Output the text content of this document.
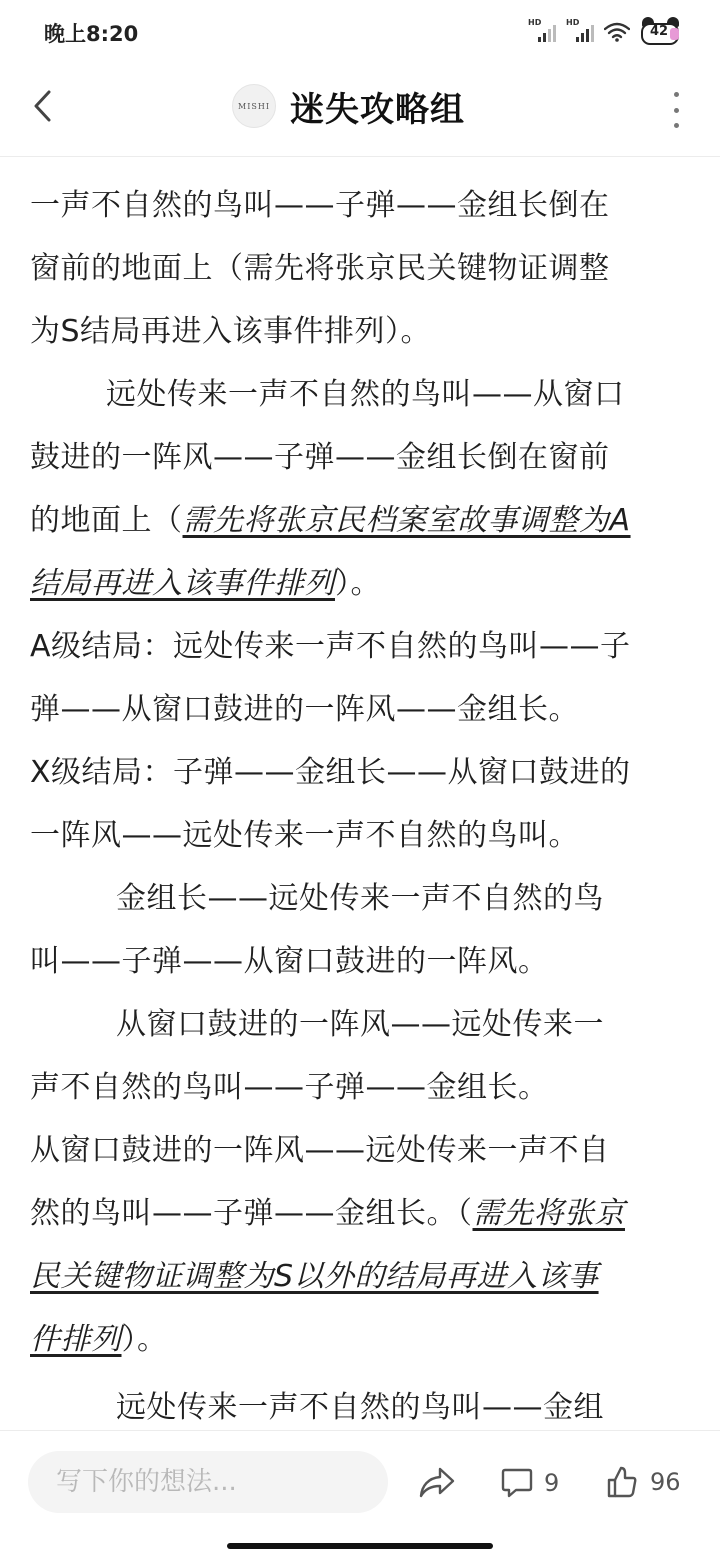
晚上8:20	HD	HD
42
MISHI 迷失攻略组

一声不自然的鸟叫——子弹——金组长倒在
窗前的地面上（需先将张京民关键物证调整
为S结局再进入该事件排列）。
远处传来一声不自然的鸟叫——从窗口
鼓进的一阵风——子弹——金组长倒在窗前
的地面上（需先将张京民档案室故事调整为A
结局再进入该事件排列）。
A级结局：远处传来一声不自然的鸟叫——子
弹——从窗口鼓进的一阵风——金组长。
X级结局：子弹——金组长——从窗口鼓进的
一阵风——远处传来一声不自然的鸟叫。
金组长——远处传来一声不自然的鸟
叫——子弹——从窗口鼓进的一阵风。
从窗口鼓进的一阵风——远处传来一
声不自然的鸟叫——子弹——金组长。
从窗口鼓进的一阵风——远处传来一声不自
然的鸟叫——子弹——金组长。（需先将张京
民关键物证调整为S以外的结局再进入该事
件排列）。
远处传来一声不自然的鸟叫——金组
写下你的想法...
9	96
